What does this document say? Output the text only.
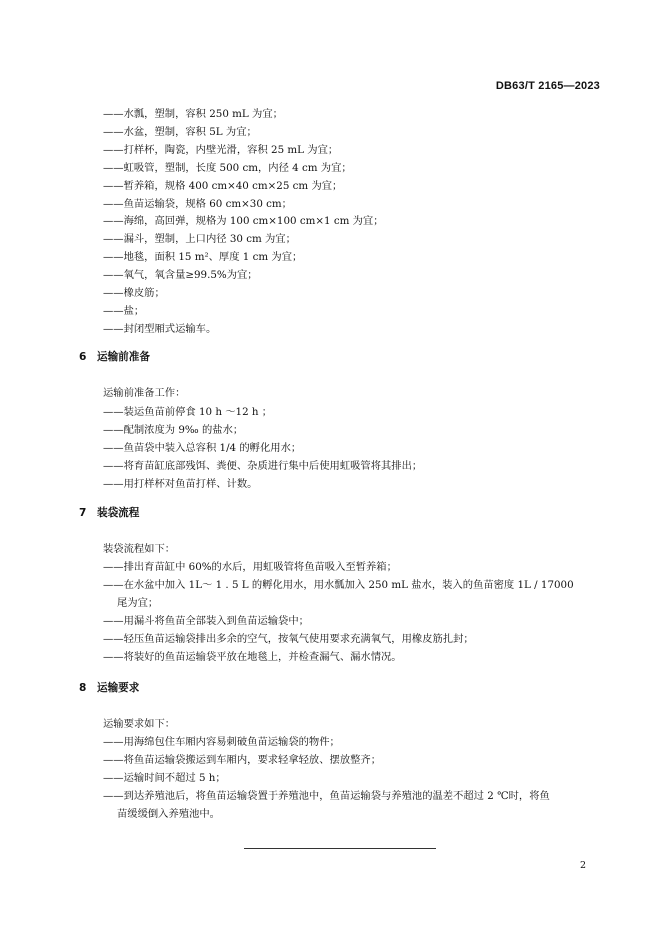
DB63/T 2165—2023
——水瓢，塑制，容积 250 mL 为宜；
——水盆，塑制，容积 5L 为宜；
——打样杯，陶瓷，内壁光滑，容积 25 mL 为宜；
——虹吸管，塑制，长度 500 cm，内径 4 cm 为宜；
——暂养箱，规格 400 cm×40 cm×25 cm 为宜；
——鱼苗运输袋，规格 60 cm×30 cm；
——海绵，高回弹，规格为 100 cm×100 cm×1 cm 为宜；
——漏斗，塑制，上口内径 30 cm 为宜；
——地毯，面积 15 m²、厚度 1 cm 为宜；
——氧气，氧含量≥99.5%为宜；
——橡皮筋；
——盐；
——封闭型厢式运输车。
6 运输前准备
运输前准备工作：
——装运鱼苗前停食 10 h ～12 h ；
——配制浓度为 9‰ 的盐水；
——鱼苗袋中装入总容积 1/4 的孵化用水；
——将育苗缸底部残饵、粪便、杂质进行集中后使用虹吸管将其排出；
——用打样杯对鱼苗打样、计数。
7 装袋流程
装袋流程如下：
——排出育苗缸中 60%的水后，用虹吸管将鱼苗吸入至暂养箱；
——在水盆中加入 1L～ 1 . 5 L 的孵化用水，用水瓢加入 250 mL 盐水，装入的鱼苗密度 1L / 17000
尾为宜；
——用漏斗将鱼苗全部装入到鱼苗运输袋中；
——轻压鱼苗运输袋排出多余的空气，按氧气使用要求充满氧气，用橡皮筋扎封；
——将装好的鱼苗运输袋平放在地毯上，并检查漏气、漏水情况。
8 运输要求
运输要求如下：
——用海绵包住车厢内容易刺破鱼苗运输袋的物件；
——将鱼苗运输袋搬运到车厢内，要求轻拿轻放、摆放整齐；
——运输时间不超过 5 h；
——到达养殖池后，将鱼苗运输袋置于养殖池中，鱼苗运输袋与养殖池的温差不超过 2 ℃时，将鱼
苗缓缓倒入养殖池中。
2
